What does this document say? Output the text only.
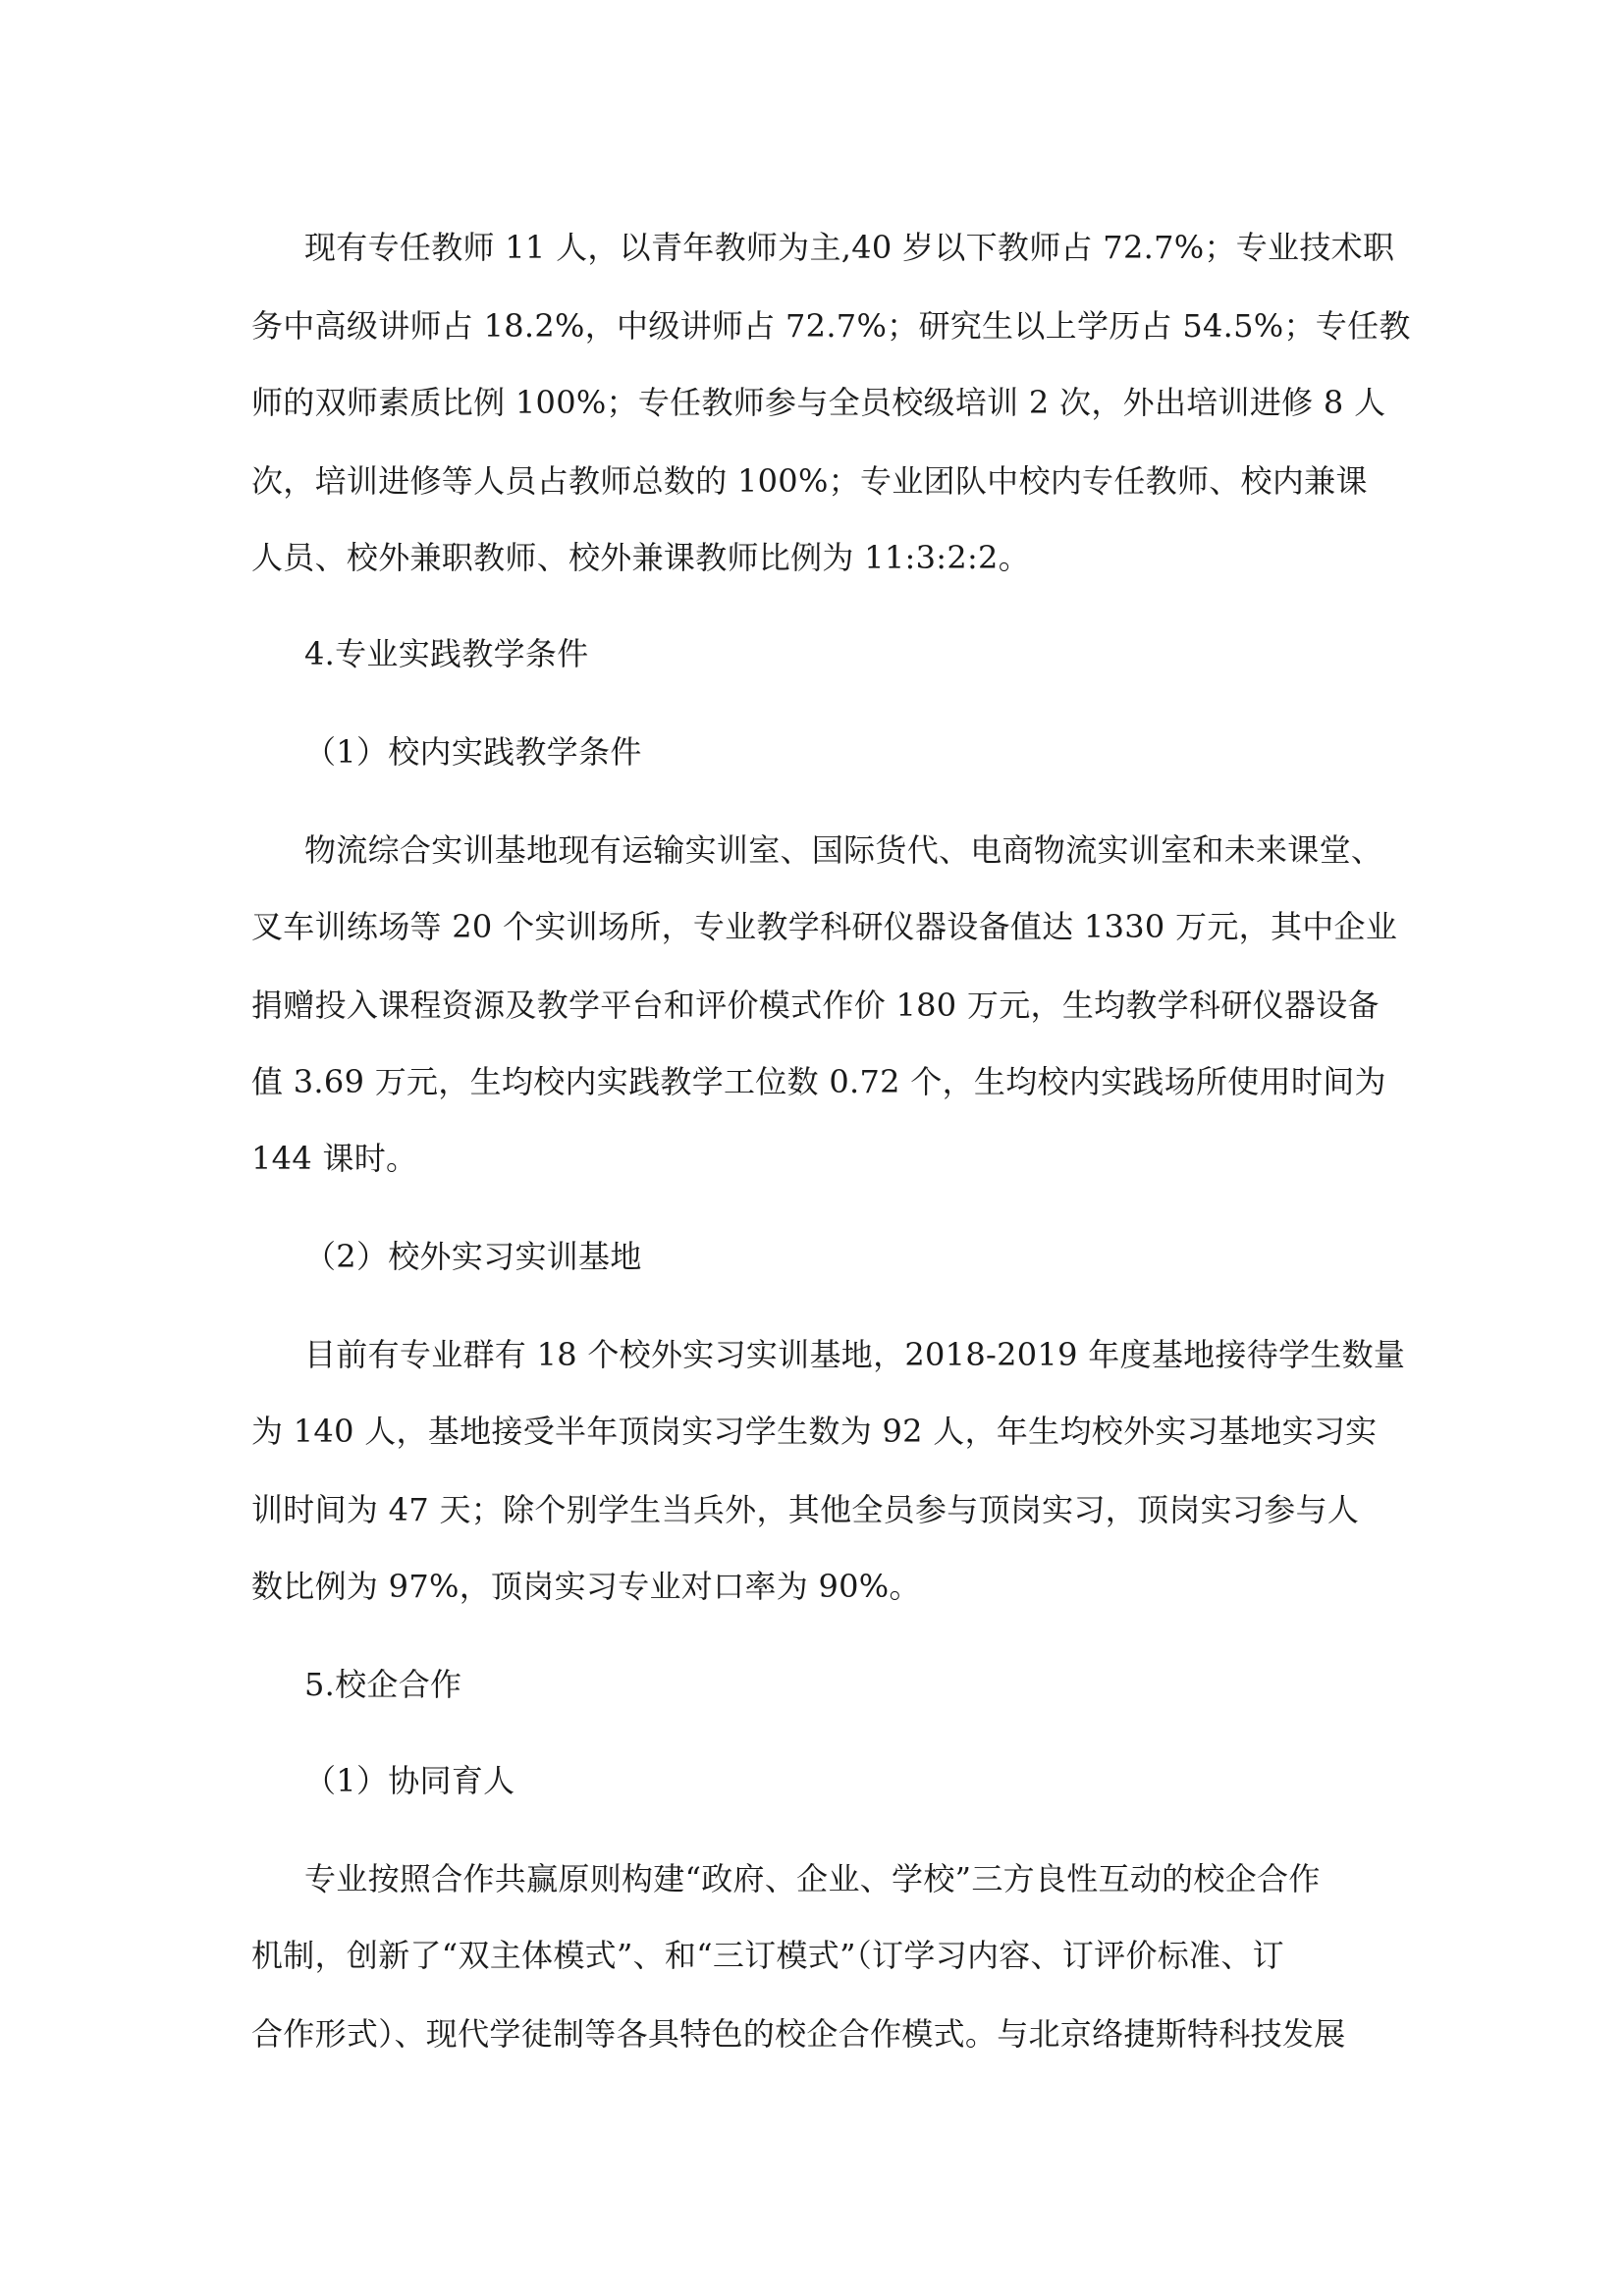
现有专任教师 11 人，以青年教师为主,40 岁以下教师占 72.7%；专业技术职
务中高级讲师占 18.2%，中级讲师占 72.7%；研究生以上学历占 54.5%；专任教
师的双师素质比例 100%；专任教师参与全员校级培训 2 次，外出培训进修 8 人
次，培训进修等人员占教师总数的 100%；专业团队中校内专任教师、校内兼课
人员、校外兼职教师、校外兼课教师比例为 11:3:2:2。
4.专业实践教学条件
（1）校内实践教学条件
物流综合实训基地现有运输实训室、国际货代、电商物流实训室和未来课堂、
叉车训练场等 20 个实训场所，专业教学科研仪器设备值达 1330 万元，其中企业
捐赠投入课程资源及教学平台和评价模式作价 180 万元，生均教学科研仪器设备
值 3.69 万元，生均校内实践教学工位数 0.72 个，生均校内实践场所使用时间为
144 课时。
（2）校外实习实训基地
目前有专业群有 18 个校外实习实训基地，2018-2019 年度基地接待学生数量
为 140 人，基地接受半年顶岗实习学生数为 92 人，年生均校外实习基地实习实
训时间为 47 天；除个别学生当兵外，其他全员参与顶岗实习，顶岗实习参与人
数比例为 97%，顶岗实习专业对口率为 90%。
5.校企合作
（1）协同育人
专业按照合作共赢原则构建“政府、企业、学校”三方良性互动的校企合作
机制，创新了“双主体模式”、和“三订模式”（订学习内容、订评价标准、订
合作形式）、现代学徒制等各具特色的校企合作模式。与北京络捷斯特科技发展
